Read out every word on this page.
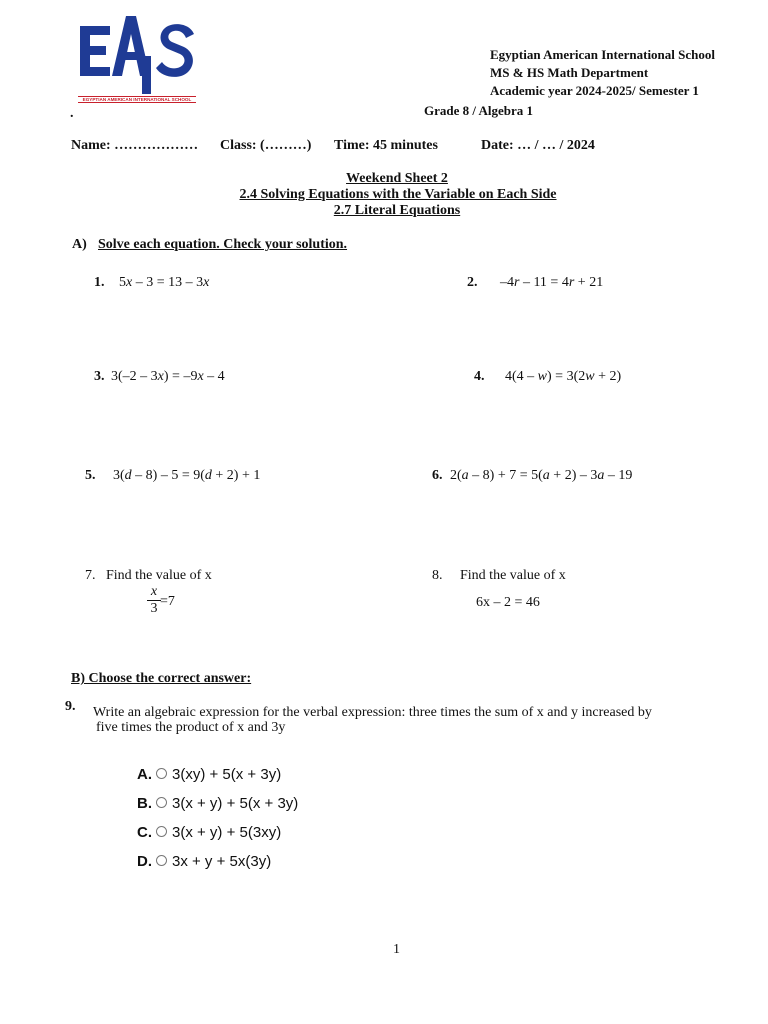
EGYPTIAN AMERICAN INTERNATIONAL SCHOOL
Egyptian American International School
MS & HS Math Department
Academic year 2024-2025/ Semester 1
Grade 8 / Algebra 1
.
Name: ……………… Class: (………) Time: 45 minutes	Date: … / … / 2024
Weekend Sheet 2
2.4 Solving Equations with the Variable on Each Side
2.7 Literal Equations
A) Solve each equation. Check your solution.
1. 5x – 3 = 13 – 3x	2. –4r – 11 = 4r + 21
3. 3(–2 – 3x) = –9x – 4	4. 4(4 – w) = 3(2w + 2)
5. 3(d – 8) – 5 = 9(d + 2) + 1	6. 2(a – 8) + 7 = 5(a + 2) – 3a – 19
7. Find the value of x
$\frac{x}{3} =7$
8. Find the value of x
6x – 2 = 46
B) Choose the correct answer:
9. Write an algebraic expression for the verbal expression: three times the sum of x and y increased by
five times the product of x and 3y
A. 3(xy) + 5(x + 3y)
B. 3(x + y) + 5(x + 3y)
C. 3(x + y) + 5(3xy)
D. 3x + y + 5x(3y)
1
